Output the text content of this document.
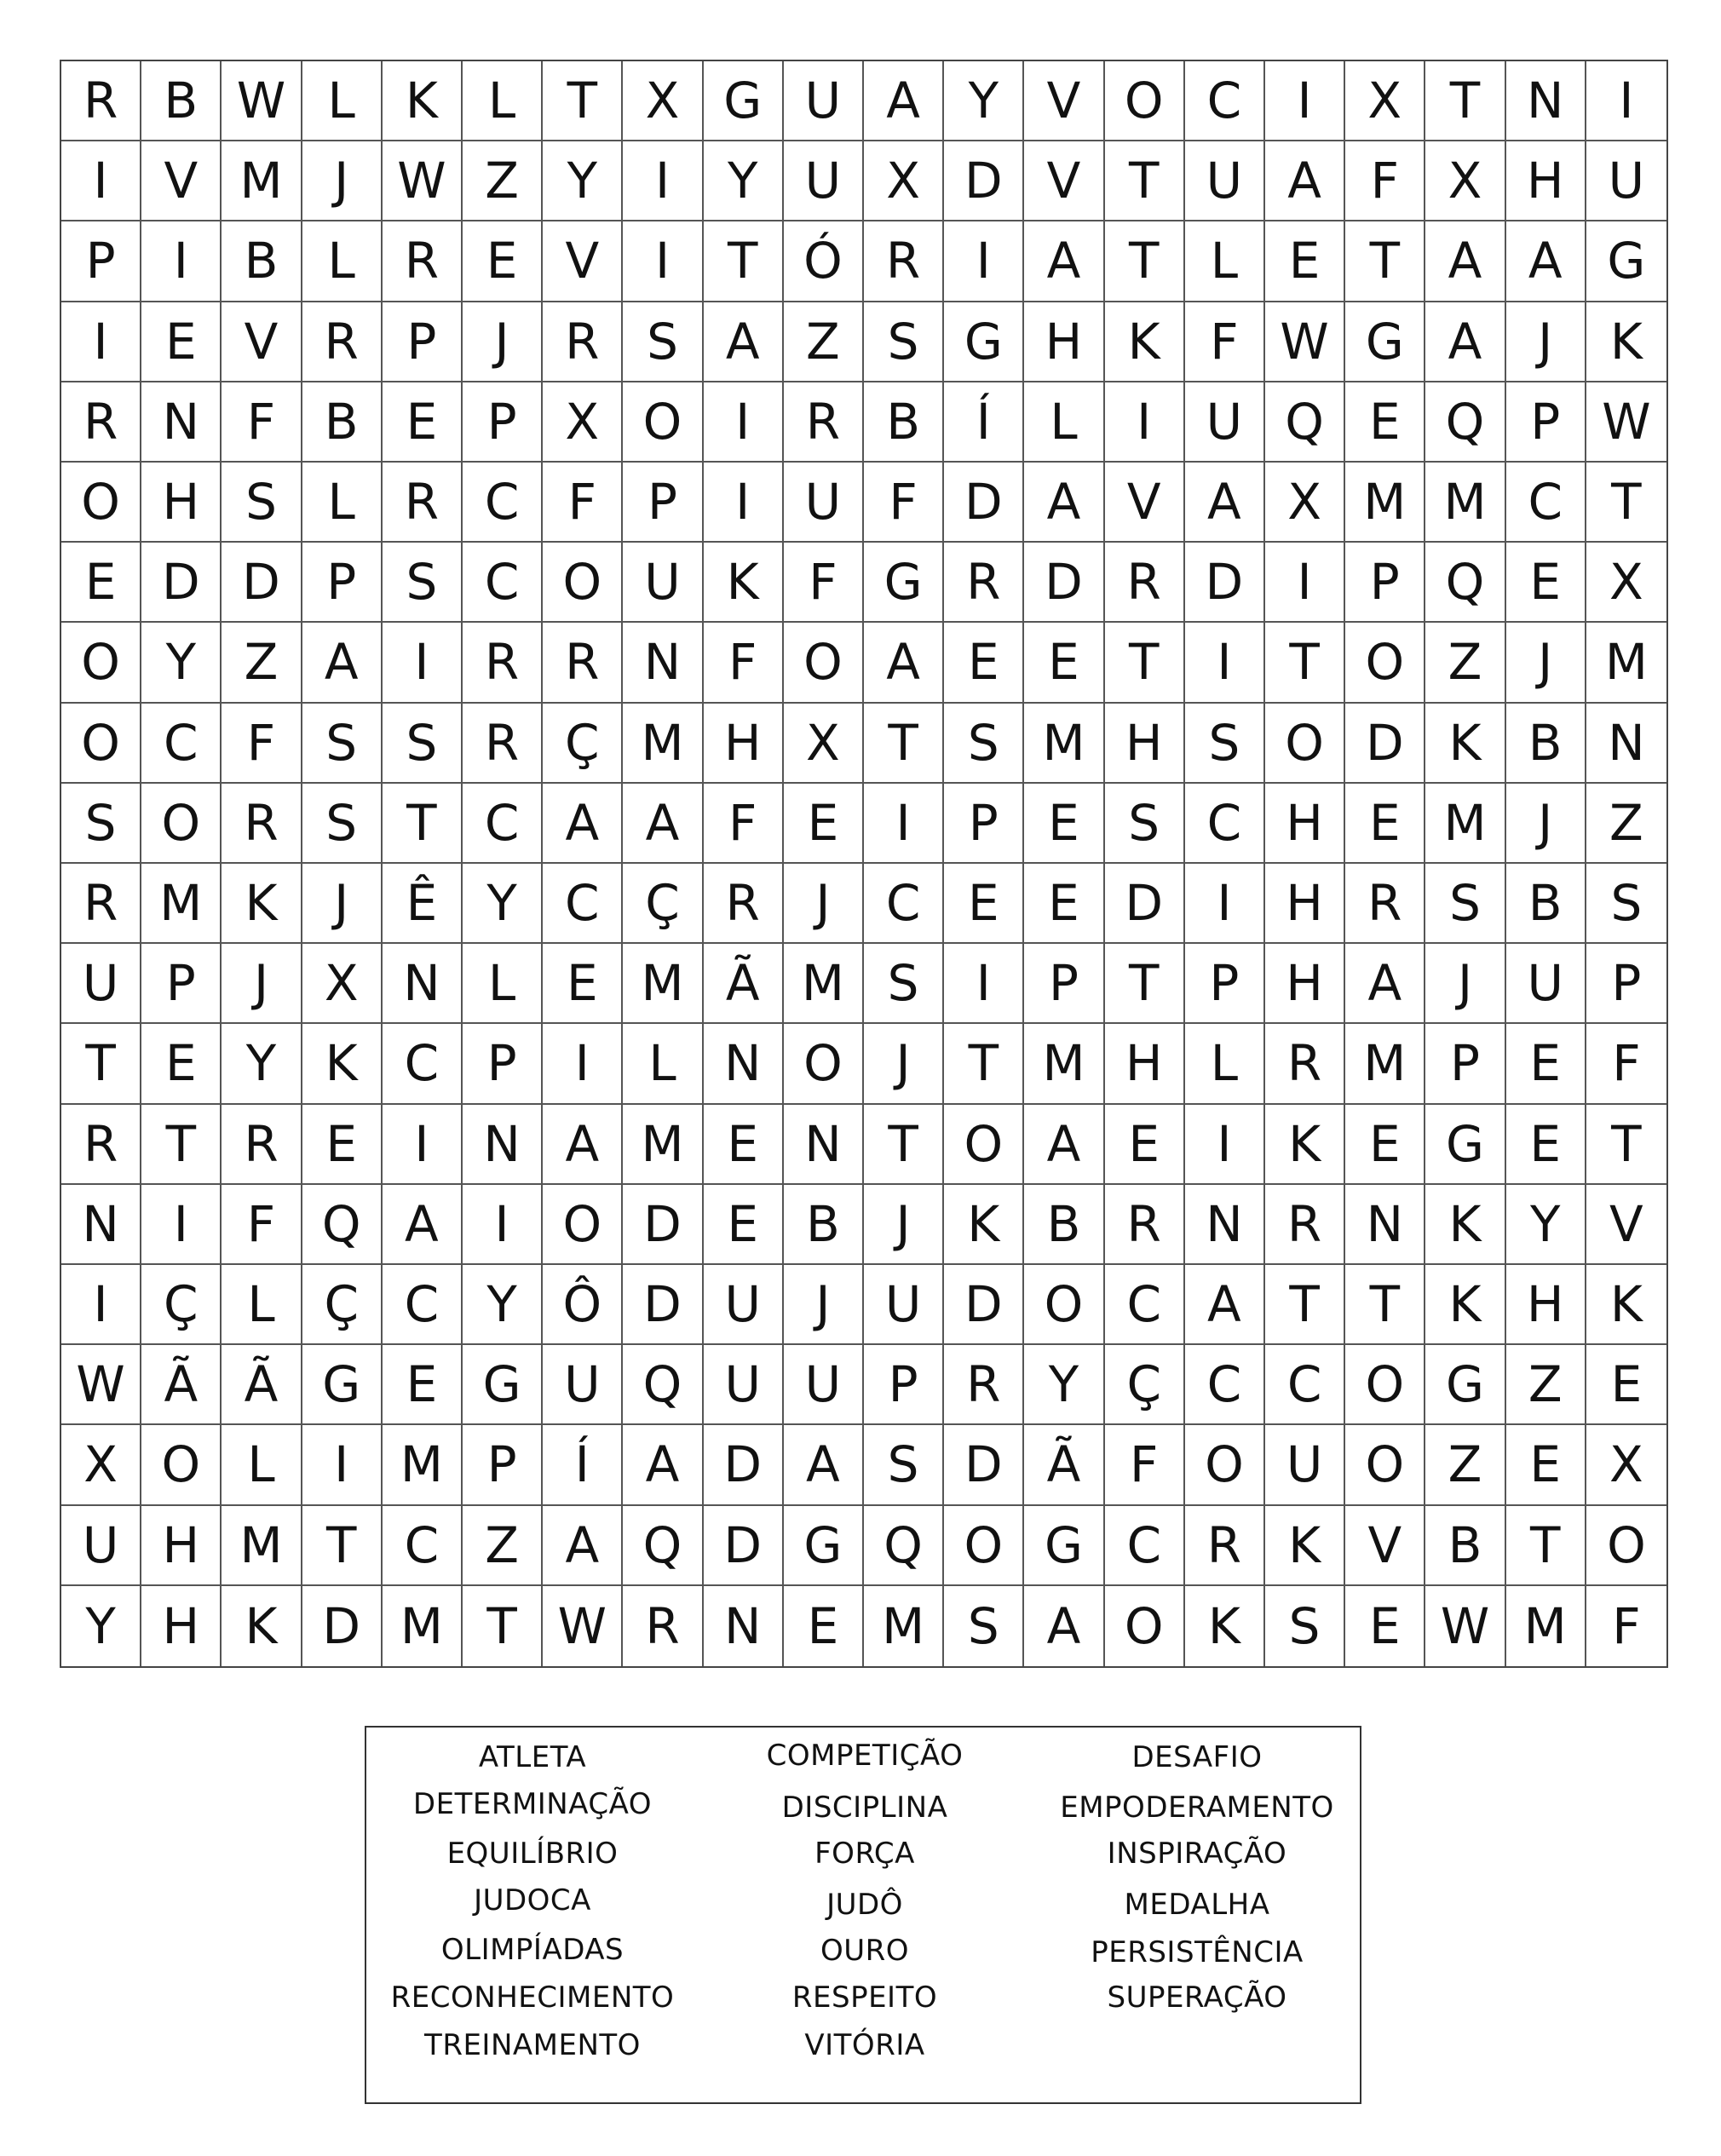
R B W L	K	L	T X G U A Y V O C	I	X T N	I
I	V M	J W Z Y	I	Y U X D V T U A F X H U
P	I	B	L R E V	I	T Ó R	I	A T	L	E	T A A G
I	E V R P	J	R S A Z S G H K	F W G A	J	K
R N F B E	P X O	I	R B	Í	L	I	U Q E Q P W
O H S	L R C F	P	I	U F D A V A X M M C T
E D D P	S C O U K	F G R D R D	I	P Q E X
O Y Z A	I	R R N F O A E E	T	I	T O Z	J	M
O C F	S S R Ç M H X T	S M H S O D K B N
S O R S	T C A A F	E	I	P	E S C H E M	J	Z
R M K	J	Ê	Y C Ç R	J	C E E D	I	H R S B S
U P	J	X N L	E M Ã M S	I	P	T	P H A	J	U P
T	E	Y K C P	I	L N O	J	T M H L R M P	E	F
R T R E	I	N A M E N T O A E	I	K E G E	T
N	I	F Q A	I	O D E B	J	K B R N R N K Y V
I	Ç L Ç C Y Ô D U	J	U D O C A T	T K H K
W Ã Ã G E G U Q U U P R Y Ç C C O G Z E
X O L	I	M P	Í	A D A S D Ã F O U O Z E X
U H M T C Z A Q D G Q O G C R K V B T O
Y H K D M T W R N E M S A O K S E W M F
ATLETA
DETERMINAÇÃO
EQUILÍBRIO
JUDOCA
OLIMPÍADAS
RECONHECIMENTO
TREINAMENTO
COMPETIÇÃO
DISCIPLINA
FORÇA
JUDÔ
OURO
RESPEITO
VITÓRIA
DESAFIO
EMPODERAMENTO
INSPIRAÇÃO
MEDALHA
PERSISTÊNCIA
SUPERAÇÃO
